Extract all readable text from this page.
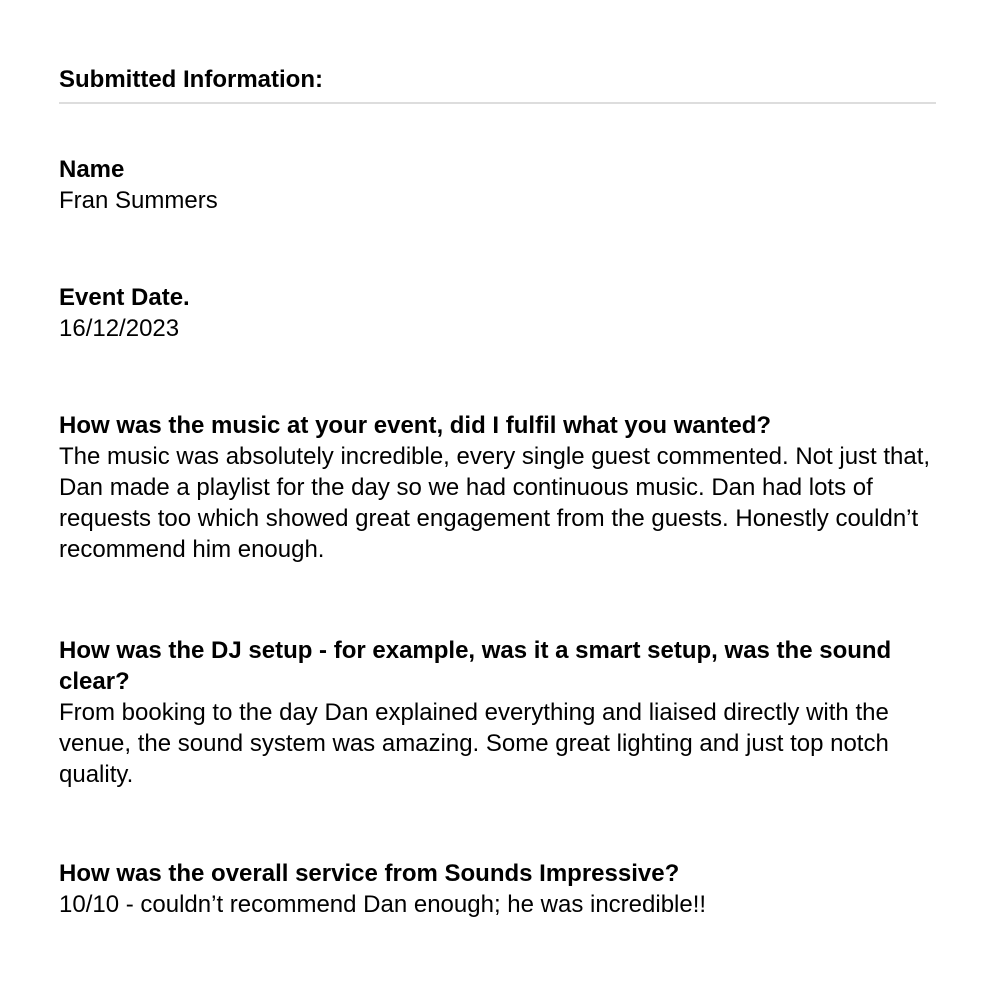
Submitted Information:

Name

Fran Summers

Event Date.

16/12/2023

How was the music at your event, did I fulfil what you wanted?

The music was absolutely incredible, every single guest commented. Not just that, Dan made a playlist for the day so we had continuous music. Dan had lots of requests too which showed great engagement from the guests. Honestly couldn’t recommend him enough.

How was the DJ setup - for example, was it a smart setup, was the sound clear?

From booking to the day Dan explained everything and liaised directly with the venue, the sound system was amazing. Some great lighting and just top notch quality.

How was the overall service from Sounds Impressive?

10/10 - couldn’t recommend Dan enough; he was incredible!!
